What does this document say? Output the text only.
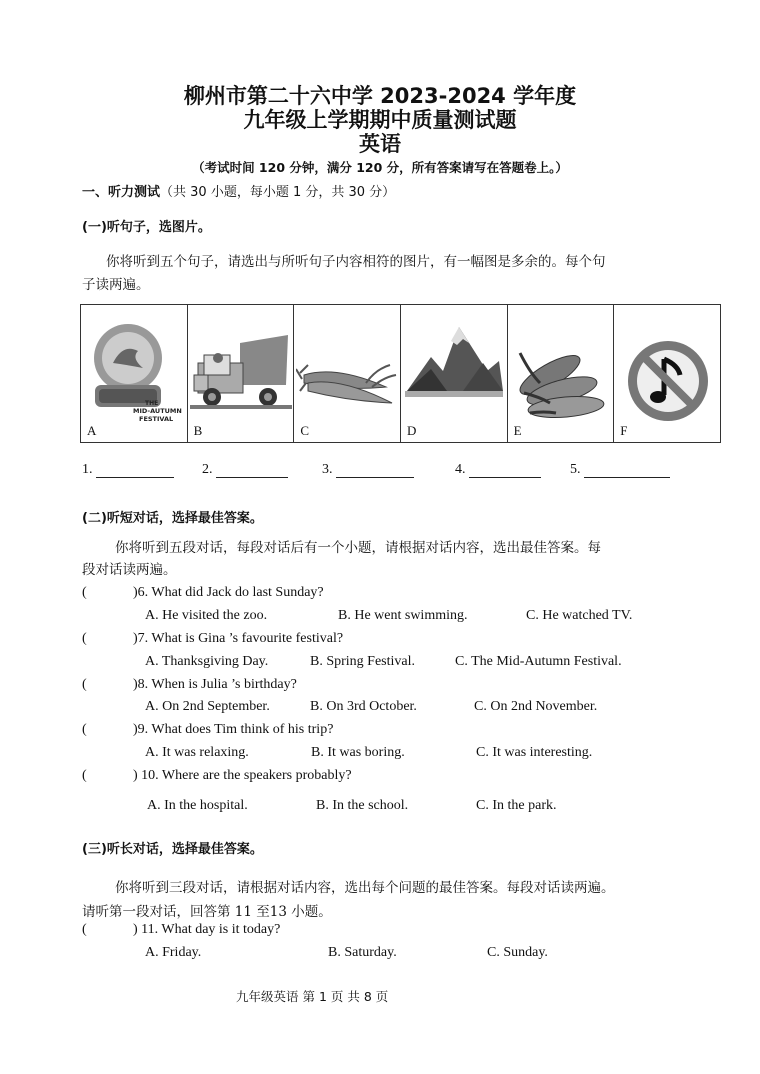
柳州市第二十六中学 2023-2024 学年度
九年级上学期期中质量测试题
英语
（考试时间 120 分钟，满分 120 分，所有答案请写在答题卷上。）
一、听力测试（共 30 小题，每小题 1 分，共 30 分）
(一)听句子，选图片。
你将听到五个句子，请选出与所听句子内容相符的图片，有一幅图是多余的。每个句
子读两遍。
THE
MID-AUTUMN
FESTIVAL
A	B	C	D	E	F
1.	2.	3.	4.	5.
(二)听短对话，选择最佳答案。
你将听到五段对话，每段对话后有一个小题，请根据对话内容，选出最佳答案。每
段对话读两遍。
(	)6. What did Jack do last Sunday?
A. He visited the zoo.	B. He went swimming.	C. He watched TV.
(	)7. What is Gina ’s favourite festival?
A. Thanksgiving Day.	B. Spring Festival.	C. The Mid-Autumn Festival.
(	)8. When is Julia ’s birthday?
A. On 2nd September.	B. On 3rd October.	C. On 2nd November.
(	)9. What does Tim think of his trip?
A. It was relaxing.	B. It was boring.	C. It was interesting.
(	) 10. Where are the speakers probably?
A. In the hospital.	B. In the school.	C. In the park.
(三)听长对话，选择最佳答案。
你将听到三段对话，请根据对话内容，选出每个问题的最佳答案。每段对话读两遍。
请听第一段对话，回答第 11 至13 小题。
(	) 11. What day is it today?
A. Friday.	B. Saturday.	C. Sunday.
九年级英语 第 1 页 共 8 页
